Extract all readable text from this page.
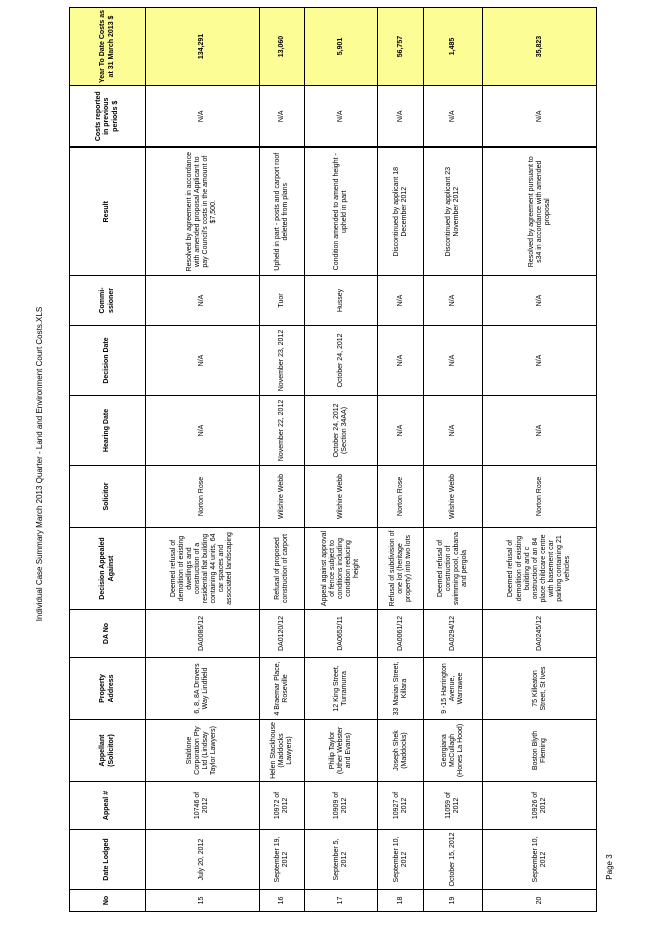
Individual Case Summary March 2013 Quarter - Land and Environment Court Costs.XLS
No	Date Lodged	Appeal #	Appellant (Solicitor)	Property Address	DA No	Decision Appealed Against	Solicitor	Hearing Date	Decision Date	Commi-ssioner	Result	Costs reported in previous periods $	Year To Date Costs as at 31 March 2013 $
15	July 20, 2012	10746 of 2012	Staldone Corporation Pty Ltd (Lindsay Taylor Lawyers)	6, 8, 8A Drovers Way Lindfield	DA0085/12	Deemed refusal of demolition of existing dwellings and construction of a residential flat building containing 44 units, 64 car spaces and associated landscaping	Norton Rose	N/A	N/A	N/A	Resolved by agreement in accordance with amended proposal Applicant to pay Council's costs in the amount of $7,500.	N/A	134,291
16	September 19, 2012	10972 of 2012	Helen Stackhouse (Maddocks Lawyers)	4 Braemar Place, Roseville	DA0120/12	Refusal of proposed construction of carport	Wilshire Webb	November 22, 2012	November 23, 2012	Tuor	Upheld in part - posts and carport roof deleted from plans	N/A	13,060
17	September 5, 2012	10909 of 2012	Philip Taylor (Uther Webster and Evans)	12 King Street, Turramurra	DA0652/11	Appeal against approval of fence subject to conditions including condition reducing height	Wilshire Webb	October 24, 2012 (Section 34AA)	October 24, 2012	Hussey	Condition amended to amend height - upheld in part	N/A	5,901
18	September 10, 2012	10927 of 2012	Joseph Shek (Maddocks)	33 Marian Street, Killara	DA0061/12	Refusal of subdivision of one lot (heritage property) into two lots	Norton Rose	N/A	N/A	N/A	Discontinued by applicant 18 December 2012	N/A	56,757
19	October 15, 2012	11059 of 2012	Georgiana McCullagh (Hones La Hood)	9 -15 Harrington Avenue, Warrawee	DA0294/12	Deemed refusal of construction of swimming pool, cabana and pergola	Wilshire Webb	N/A	N/A	N/A	Discontinued by applicant 23 November 2012	N/A	1,485
20	September 10, 2012	10926 of 2012	Boston Blyth Fleming	75 Killeaton Street, St Ives	DA0245/12	Deemed refusal of demolition of existing building and c onstruction of an 84 place childcare centre with basement car parking containing 21 vehicles	Norton Rose	N/A	N/A	N/A	Resolved by agreement pursuant to s34 in accordance with amended proposal	N/A	35,823
Page 3
